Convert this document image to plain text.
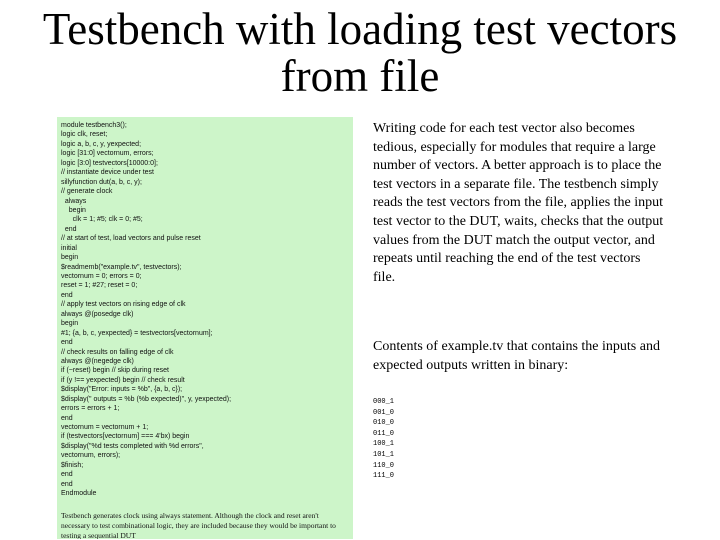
Testbench with loading test vectors from file
module testbench3();
logic clk, reset;
logic a, b, c, y, yexpected;
logic [31:0] vectornum, errors;
logic [3:0] testvectors[10000:0];
// instantiate device under test
sillyfunction dut(a, b, c, y);
// generate clock
always
begin
clk = 1; #5; clk = 0; #5;
end
// at start of test, load vectors and pulse reset
initial
begin
$readmemb("example.tv", testvectors);
vectornum = 0; errors = 0;
reset = 1; #27; reset = 0;
end
// apply test vectors on rising edge of clk
always @(posedge clk)
begin
#1; {a, b, c, yexpected} = testvectors[vectornum];
end
// check results on falling edge of clk
always @(negedge clk)
if (~reset) begin // skip during reset
if (y !== yexpected) begin // check result
$display("Error: inputs = %b", {a, b, c});
$display(" outputs = %b (%b expected)", y, yexpected);
errors = errors + 1;
end
vectornum = vectornum + 1;
if (testvectors[vectornum] === 4'bx) begin
$display("%d tests completed with %d errors",
vectornum, errors);
$finish;
end
end
Endmodule
Testbench generates clock using always statement. Although the clock and reset aren't necessary to test combinational logic, they are included because they would be important to testing a sequential DUT
Writing code for each test vector also becomes tedious, especially for modules that require a large number of vectors. A better approach is to place the test vectors in a separate file. The testbench simply reads the test vectors from the file, applies the input test vector to the DUT, waits, checks that the output values from the DUT match the output vector, and repeats until reaching the end of the test vectors file.
Contents of example.tv that contains the inputs and expected outputs written in binary:
000_1
001_0
010_0
011_0
100_1
101_1
110_0
111_0
